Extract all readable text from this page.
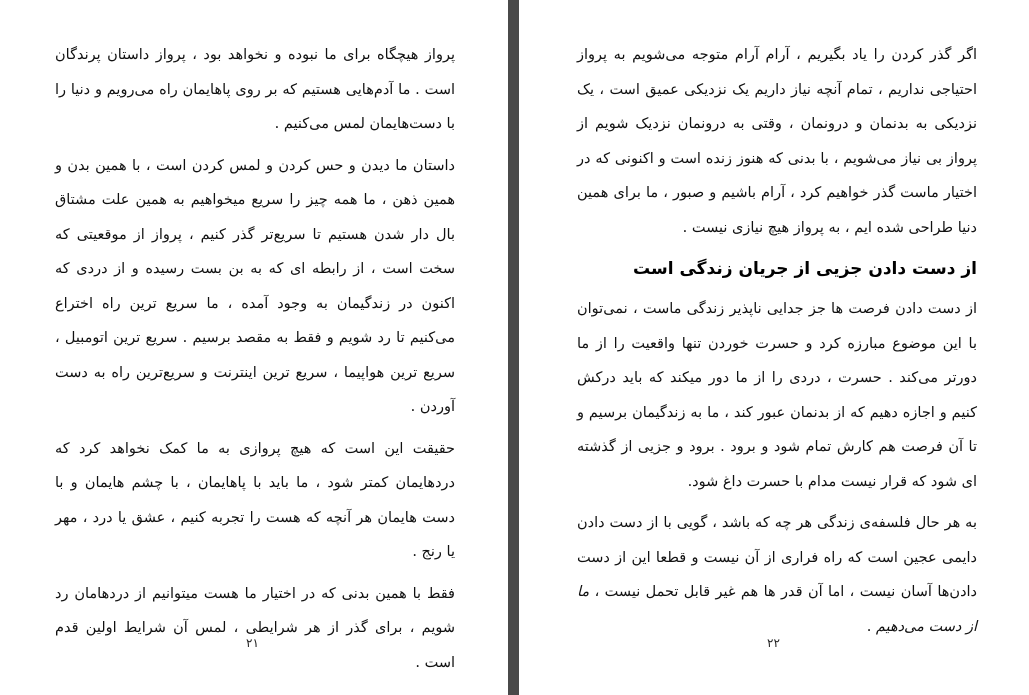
پرواز هیچگاه برای ما نبوده و نخواهد بود ، پرواز داستان پرندگان است . ما آدم‌هایی هستیم که بر روی پاهایمان راه می‌رویم و دنیا را با دست‌هایمان لمس می‌کنیم .

داستان ما دیدن و حس کردن و لمس کردن است ، با همین بدن و همین ذهن ، ما همه چیز را سریع میخواهیم به همین علت مشتاق بال دار شدن هستیم تا سریع‌تر گذر کنیم ، پرواز از موقعیتی که سخت است ، از رابطه ای که به بن بست رسیده و از دردی که اکنون در زندگیمان به وجود آمده ، ما سریع ترین راه اختراع می‌کنیم تا رد شویم و فقط به مقصد برسیم . سریع ترین اتومبیل ، سریع ترین هواپیما ، سریع ترین اینترنت و سریع‌ترین راه به دست آوردن .

حقیقت این است که هیچ پروازی به ما کمک نخواهد کرد که دردهایمان کمتر شود ، ما باید با پاهایمان ، با چشم هایمان و با دست هایمان هر آنچه که هست را تجربه کنیم ، عشق یا درد ، مهر یا رنج .

فقط با همین بدنی که در اختیار ما هست میتوانیم از دردهامان رد شویم ، برای گذر از هر شرایطی ، لمس آن شرایط اولین قدم است .

۲۱

اگر گذر کردن را یاد بگیریم ، آرام آرام متوجه می‌شویم به پرواز احتیاجی نداریم ، تمام آنچه نیاز داریم یک نزدیکی عمیق است ، یک نزدیکی به بدنمان و درونمان ، وقتی به درونمان نزدیک شویم از پرواز بی نیاز می‌شویم ، با بدنی که هنوز زنده است و اکنونی که در اختیار ماست گذر خواهیم کرد ، آرام باشیم و صبور ، ما برای همین دنیا طراحی شده ایم ، به پرواز هیچ نیازی نیست .

از دست دادن جزیی از جریان زندگی است

از دست دادن فرصت ها جز جدایی ناپذیر زندگی ماست ، نمی‌توان با این موضوع مبارزه کرد و حسرت خوردن تنها واقعیت را از ما دورتر می‌کند . حسرت ، دردی را از ما دور میکند که باید درکش کنیم و اجازه دهیم که از بدنمان عبور کند ، ما به زندگیمان برسیم و تا آن فرصت هم کارش تمام شود و برود . برود و جزیی از گذشته ای شود که قرار نیست مدام با حسرت داغ شود.

به هر حال فلسفه‌ی زندگی هر چه که باشد ، گویی با از دست دادن دایمی عجین است که راه فراری از آن نیست و قطعا این از دست دادن‌ها آسان نیست ، اما آن قدر ها هم غیر قابل تحمل نیست ، ما از دست می‌دهیم .

۲۲
